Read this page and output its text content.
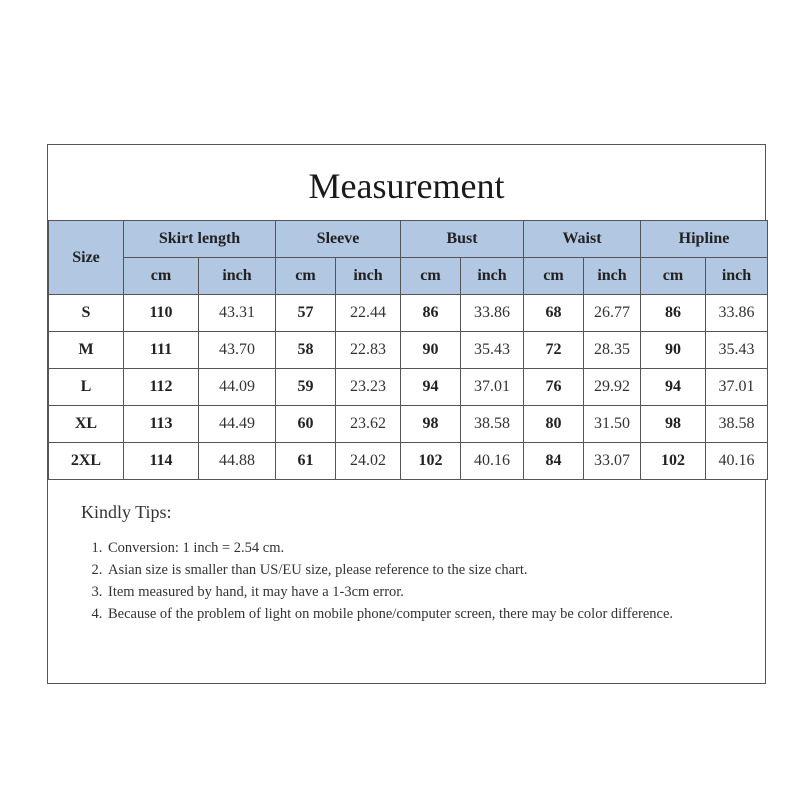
Measurement
Size	Skirt length		Sleeve		Bust		Waist		Hipline	
	cm	inch	cm	inch	cm	inch	cm	inch	cm	inch
S	110	43.31	57	22.44	86	33.86	68	26.77	86	33.86
M	111	43.70	58	22.83	90	35.43	72	28.35	90	35.43
L	112	44.09	59	23.23	94	37.01	76	29.92	94	37.01
XL	113	44.49	60	23.62	98	38.58	80	31.50	98	38.58
2XL	114	44.88	61	24.02	102	40.16	84	33.07	102	40.16
Kindly Tips:
1. Conversion: 1 inch = 2.54 cm.
2. Asian size is smaller than US/EU size, please reference to the size chart.
3. Item measured by hand, it may have a 1-3cm error.
4. Because of the problem of light on mobile phone/computer screen, there may be color difference.
